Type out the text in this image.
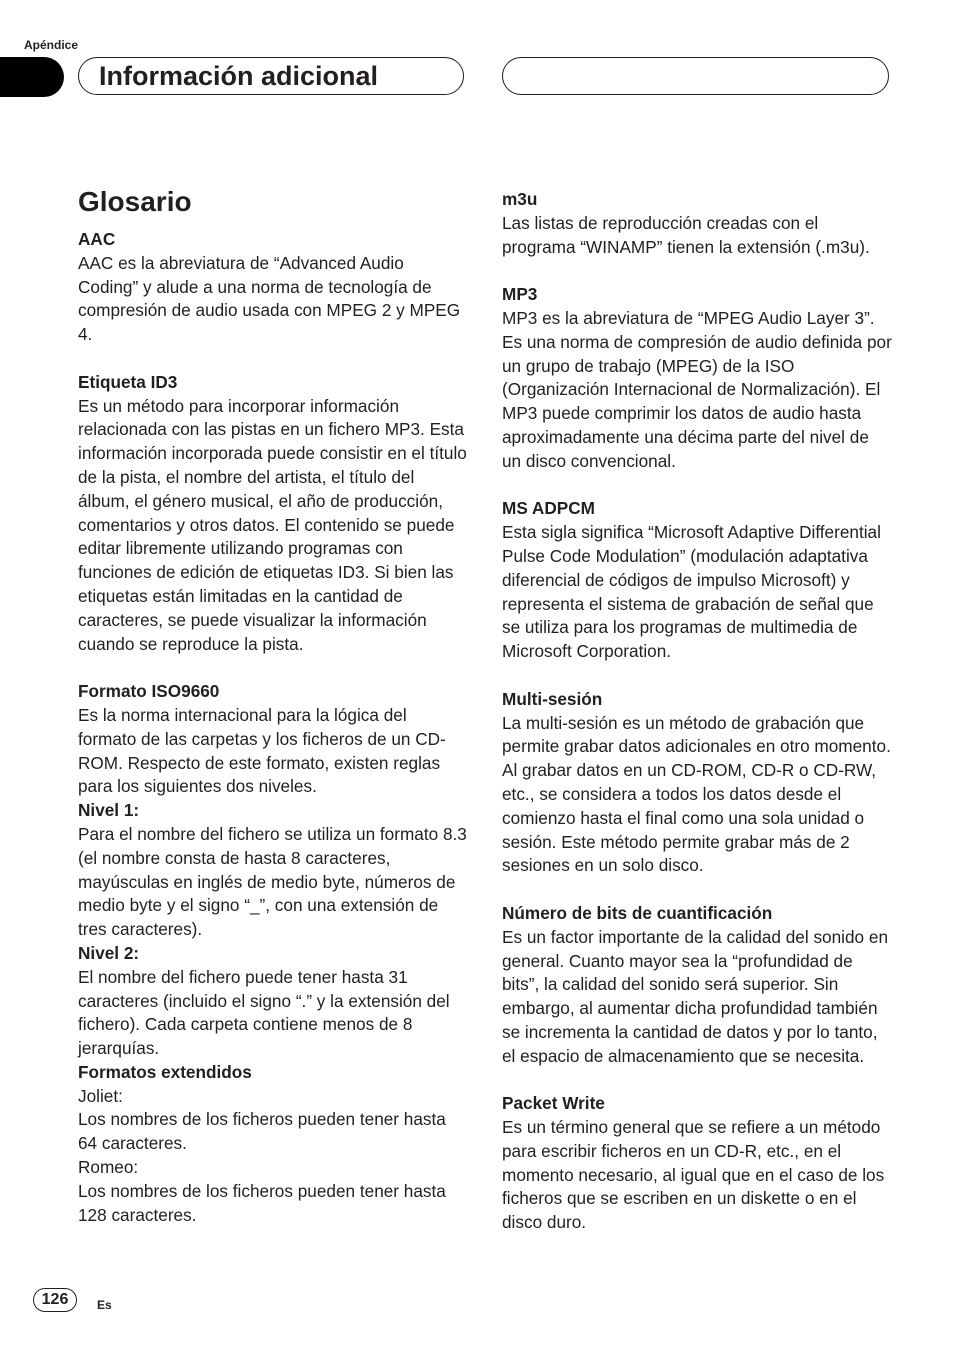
Apéndice

Información adicional
Glosario

AAC

AAC es la abreviatura de “Advanced Audio Coding” y alude a una norma de tecnología de compresión de audio usada con MPEG 2 y MPEG 4.

Etiqueta ID3

Es un método para incorporar información relacionada con las pistas en un fichero MP3. Esta información incorporada puede consistir en el título de la pista, el nombre del artista, el título del álbum, el género musical, el año de producción, comentarios y otros datos. El contenido se puede editar libremente utilizando programas con funciones de edición de etiquetas ID3. Si bien las etiquetas están limitadas en la cantidad de caracteres, se puede visualizar la información cuando se reproduce la pista.

Formato ISO9660

Es la norma internacional para la lógica del formato de las carpetas y los ficheros de un CD-ROM. Respecto de este formato, existen reglas para los siguientes dos niveles.

Nivel 1:

Para el nombre del fichero se utiliza un formato 8.3 (el nombre consta de hasta 8 caracteres, mayúsculas en inglés de medio byte, números de medio byte y el signo “_”, con una extensión de tres caracteres).

Nivel 2:

El nombre del fichero puede tener hasta 31 caracteres (incluido el signo “.” y la extensión del fichero). Cada carpeta contiene menos de 8 jerarquías.

Formatos extendidos

Joliet:

Los nombres de los ficheros pueden tener hasta 64 caracteres.

Romeo:

Los nombres de los ficheros pueden tener hasta 128 caracteres.

m3u

Las listas de reproducción creadas con el programa “WINAMP” tienen la extensión (.m3u).

MP3

MP3 es la abreviatura de “MPEG Audio Layer 3”. Es una norma de compresión de audio definida por un grupo de trabajo (MPEG) de la ISO (Organización Internacional de Normalización). El MP3 puede comprimir los datos de audio hasta aproximadamente una décima parte del nivel de un disco convencional.

MS ADPCM

Esta sigla significa “Microsoft Adaptive Differential Pulse Code Modulation” (modulación adaptativa diferencial de códigos de impulso Microsoft) y representa el sistema de grabación de señal que se utiliza para los programas de multimedia de Microsoft Corporation.

Multi-sesión

La multi-sesión es un método de grabación que permite grabar datos adicionales en otro momento. Al grabar datos en un CD-ROM, CD-R o CD-RW, etc., se considera a todos los datos desde el comienzo hasta el final como una sola unidad o sesión. Este método permite grabar más de 2 sesiones en un solo disco.

Número de bits de cuantificación

Es un factor importante de la calidad del sonido en general. Cuanto mayor sea la “profundidad de bits”, la calidad del sonido será superior. Sin embargo, al aumentar dicha profundidad también se incrementa la cantidad de datos y por lo tanto, el espacio de almacenamiento que se necesita.

Packet Write

Es un término general que se refiere a un método para escribir ficheros en un CD-R, etc., en el momento necesario, al igual que en el caso de los ficheros que se escriben en un diskette o en el disco duro.

126	Es
